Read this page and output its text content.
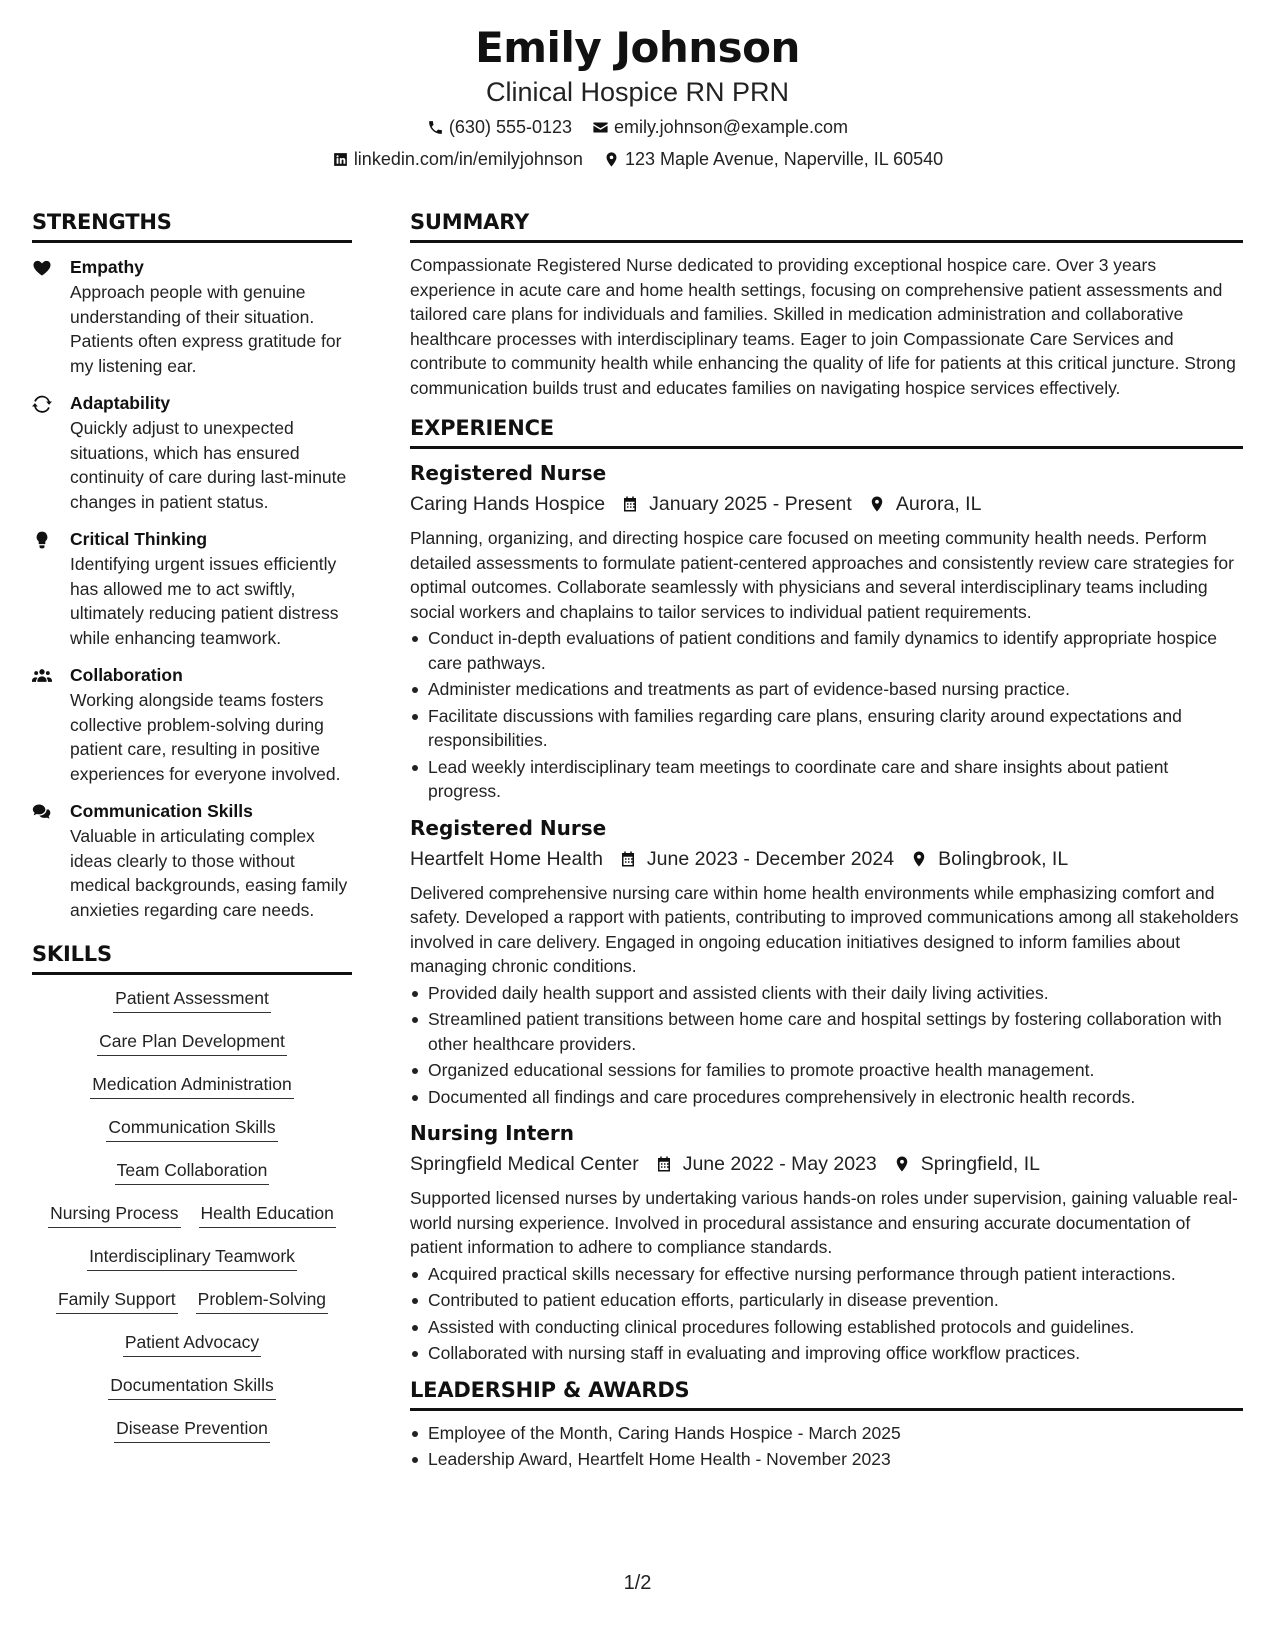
Emily Johnson
Clinical Hospice RN PRN
(630) 555-0123 emily.johnson@example.com
linkedin.com/in/emilyjohnson 123 Maple Avenue, Naperville, IL 60540
STRENGTHS
Empathy
Approach people with genuine understanding of their situation. Patients often express gratitude for my listening ear.
Adaptability
Quickly adjust to unexpected situations, which has ensured continuity of care during last-minute changes in patient status.
Critical Thinking
Identifying urgent issues efficiently has allowed me to act swiftly, ultimately reducing patient distress while enhancing teamwork.
Collaboration
Working alongside teams fosters collective problem-solving during patient care, resulting in positive experiences for everyone involved.
Communication Skills
Valuable in articulating complex ideas clearly to those without medical backgrounds, easing family anxieties regarding care needs.
SKILLS
Patient Assessment
Care Plan Development
Medication Administration
Communication Skills
Team Collaboration
Nursing Process Health Education
Interdisciplinary Teamwork
Family Support Problem-Solving
Patient Advocacy
Documentation Skills
Disease Prevention
SUMMARY
Compassionate Registered Nurse dedicated to providing exceptional hospice care. Over 3 years experience in acute care and home health settings, focusing on comprehensive patient assessments and tailored care plans for individuals and families. Skilled in medication administration and collaborative healthcare processes with interdisciplinary teams. Eager to join Compassionate Care Services and contribute to community health while enhancing the quality of life for patients at this critical juncture. Strong communication builds trust and educates families on navigating hospice services effectively.
EXPERIENCE
Registered Nurse
Caring Hands Hospice January 2025 - Present Aurora, IL
Planning, organizing, and directing hospice care focused on meeting community health needs. Perform detailed assessments to formulate patient-centered approaches and consistently review care strategies for optimal outcomes. Collaborate seamlessly with physicians and several interdisciplinary teams including social workers and chaplains to tailor services to individual patient requirements.
Conduct in-depth evaluations of patient conditions and family dynamics to identify appropriate hospice care pathways.
Administer medications and treatments as part of evidence-based nursing practice.
Facilitate discussions with families regarding care plans, ensuring clarity around expectations and responsibilities.
Lead weekly interdisciplinary team meetings to coordinate care and share insights about patient progress.
Registered Nurse
Heartfelt Home Health June 2023 - December 2024 Bolingbrook, IL
Delivered comprehensive nursing care within home health environments while emphasizing comfort and safety. Developed a rapport with patients, contributing to improved communications among all stakeholders involved in care delivery. Engaged in ongoing education initiatives designed to inform families about managing chronic conditions.
Provided daily health support and assisted clients with their daily living activities.
Streamlined patient transitions between home care and hospital settings by fostering collaboration with other healthcare providers.
Organized educational sessions for families to promote proactive health management.
Documented all findings and care procedures comprehensively in electronic health records.
Nursing Intern
Springfield Medical Center June 2022 - May 2023 Springfield, IL
Supported licensed nurses by undertaking various hands-on roles under supervision, gaining valuable real-world nursing experience. Involved in procedural assistance and ensuring accurate documentation of patient information to adhere to compliance standards.
Acquired practical skills necessary for effective nursing performance through patient interactions.
Contributed to patient education efforts, particularly in disease prevention.
Assisted with conducting clinical procedures following established protocols and guidelines.
Collaborated with nursing staff in evaluating and improving office workflow practices.
LEADERSHIP & AWARDS
Employee of the Month, Caring Hands Hospice - March 2025
Leadership Award, Heartfelt Home Health - November 2023
1/2
